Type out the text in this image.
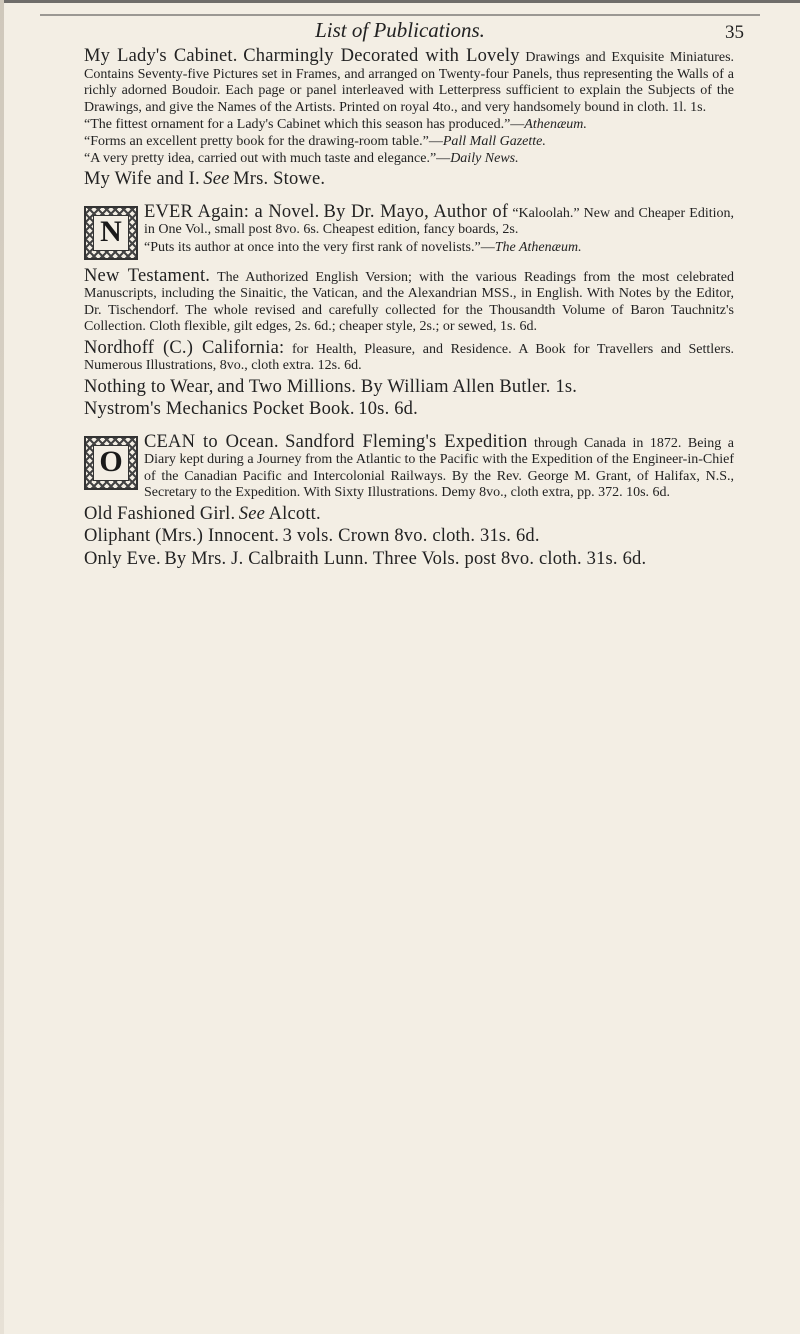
List of Publications.	35

My Lady's Cabinet. Charmingly Decorated with Lovely Drawings and Exquisite Miniatures. Contains Seventy-five Pictures set in Frames, and arranged on Twenty-four Panels, thus representing the Walls of a richly adorned Boudoir. Each page or panel interleaved with Letterpress sufficient to explain the Subjects of the Drawings, and give the Names of the Artists. Printed on royal 4to., and very handsomely bound in cloth. 1l. 1s.

“The fittest ornament for a Lady's Cabinet which this season has produced.”—Athenæum.

“Forms an excellent pretty book for the drawing-room table.”—Pall Mall Gazette.

“A very pretty idea, carried out with much taste and elegance.”—Daily News.

My Wife and I. See Mrs. Stowe.

N

EVER Again: a Novel. By Dr. Mayo, Author of “Kaloolah.” New and Cheaper Edition, in One Vol., small post 8vo. 6s. Cheapest edition, fancy boards, 2s.

“Puts its author at once into the very first rank of novelists.”—The Athenæum.

New Testament. The Authorized English Version; with the various Readings from the most celebrated Manuscripts, including the Sinaitic, the Vatican, and the Alexandrian MSS., in English. With Notes by the Editor, Dr. Tischendorf. The whole revised and carefully collected for the Thousandth Volume of Baron Tauchnitz's Collection. Cloth flexible, gilt edges, 2s. 6d.; cheaper style, 2s.; or sewed, 1s. 6d.

Nordhoff (C.) California: for Health, Pleasure, and Residence. A Book for Travellers and Settlers. Numerous Illustrations, 8vo., cloth extra. 12s. 6d.

Nothing to Wear, and Two Millions. By William Allen Butler. 1s.

Nystrom's Mechanics Pocket Book. 10s. 6d.

O

CEAN to Ocean. Sandford Fleming's Expedition through Canada in 1872. Being a Diary kept during a Journey from the Atlantic to the Pacific with the Expedition of the Engineer-in-Chief of the Canadian Pacific and Intercolonial Railways. By the Rev. George M. Grant, of Halifax, N.S., Secretary to the Expedition. With Sixty Illustrations. Demy 8vo., cloth extra, pp. 372. 10s. 6d.

Old Fashioned Girl. See Alcott.

Oliphant (Mrs.) Innocent. 3 vols. Crown 8vo. cloth. 31s. 6d.

Only Eve. By Mrs. J. Calbraith Lunn. Three Vols. post 8vo. cloth. 31s. 6d.
